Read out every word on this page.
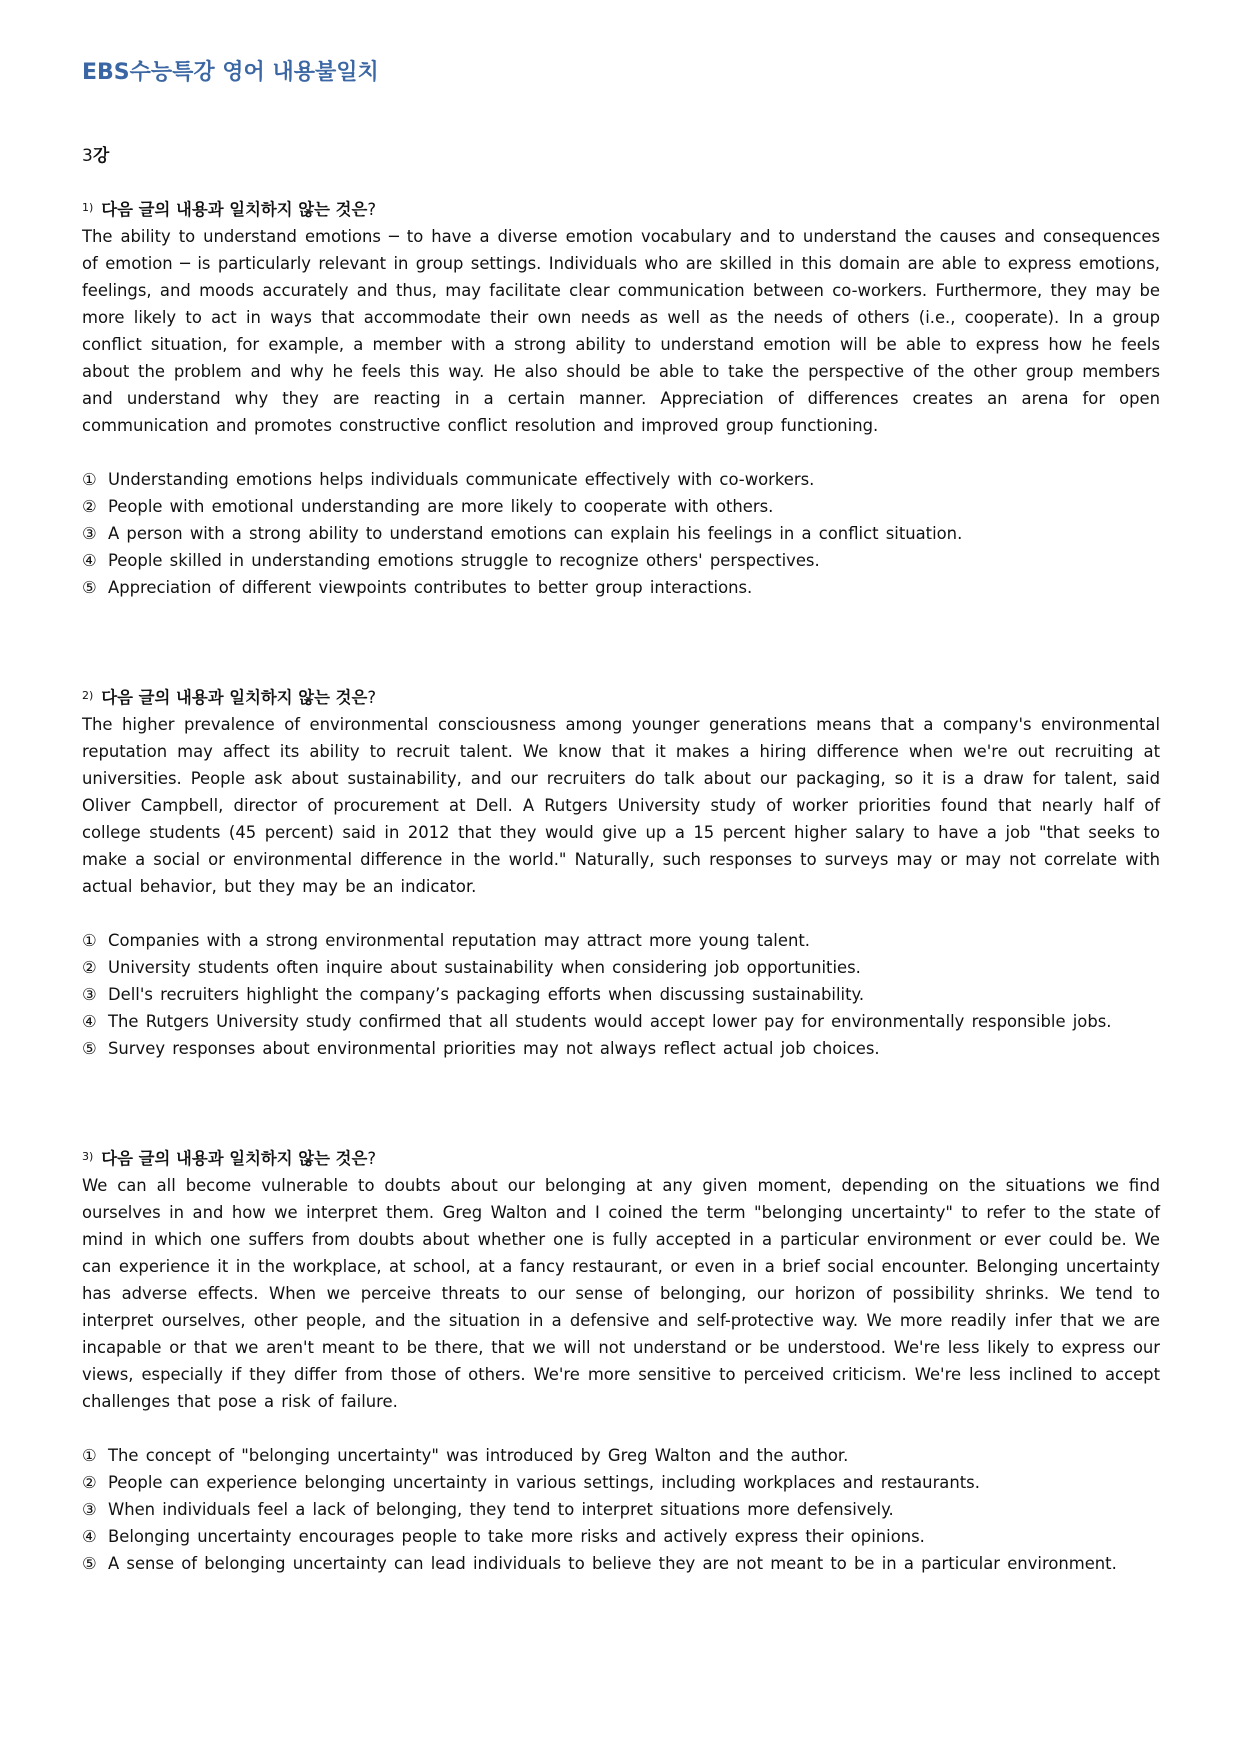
EBS수능특강 영어 내용불일치
3강
$^{1)}$ 다음 글의 내용과 일치하지 않는 것은?

The ability to understand emotions ─ to have a diverse emotion vocabulary and to understand the causes and consequences of emotion ─ is particularly relevant in group settings. Individuals who are skilled in this domain are able to express emotions, feelings, and moods accurately and thus, may facilitate clear communication between co-workers. Furthermore, they may be more likely to act in ways that accommodate their own needs as well as the needs of others (i.e., cooperate). In a group conflict situation, for example, a member with a strong ability to understand emotion will be able to express how he feels about the problem and why he feels this way. He also should be able to take the perspective of the other group members and understand why they are reacting in a certain manner. Appreciation of differences creates an arena for open communication and promotes constructive conflict resolution and improved group functioning.

① Understanding emotions helps individuals communicate effectively with co-workers.
② People with emotional understanding are more likely to cooperate with others.
③ A person with a strong ability to understand emotions can explain his feelings in a conflict situation.
④ People skilled in understanding emotions struggle to recognize others' perspectives.
⑤ Appreciation of different viewpoints contributes to better group interactions.
$^{2)}$ 다음 글의 내용과 일치하지 않는 것은?

The higher prevalence of environmental consciousness among younger generations means that a company's environmental reputation may affect its ability to recruit talent. We know that it makes a hiring difference when we're out recruiting at universities. People ask about sustainability, and our recruiters do talk about our packaging, so it is a draw for talent, said Oliver Campbell, director of procurement at Dell. A Rutgers University study of worker priorities found that nearly half of college students (45 percent) said in 2012 that they would give up a 15 percent higher salary to have a job "that seeks to make a social or environmental difference in the world." Naturally, such responses to surveys may or may not correlate with actual behavior, but they may be an indicator.

① Companies with a strong environmental reputation may attract more young talent.
② University students often inquire about sustainability when considering job opportunities.
③ Dell's recruiters highlight the company’s packaging efforts when discussing sustainability.
④ The Rutgers University study confirmed that all students would accept lower pay for environmentally responsible jobs.
⑤ Survey responses about environmental priorities may not always reflect actual job choices.
$^{3)}$ 다음 글의 내용과 일치하지 않는 것은?

We can all become vulnerable to doubts about our belonging at any given moment, depending on the situations we find ourselves in and how we interpret them. Greg Walton and I coined the term "belonging uncertainty" to refer to the state of mind in which one suffers from doubts about whether one is fully accepted in a particular environment or ever could be. We can experience it in the workplace, at school, at a fancy restaurant, or even in a brief social encounter. Belonging uncertainty has adverse effects. When we perceive threats to our sense of belonging, our horizon of possibility shrinks. We tend to interpret ourselves, other people, and the situation in a defensive and self-protective way. We more readily infer that we are incapable or that we aren't meant to be there, that we will not understand or be understood. We're less likely to express our views, especially if they differ from those of others. We're more sensitive to perceived criticism. We're less inclined to accept challenges that pose a risk of failure.

① The concept of "belonging uncertainty" was introduced by Greg Walton and the author.
② People can experience belonging uncertainty in various settings, including workplaces and restaurants.
③ When individuals feel a lack of belonging, they tend to interpret situations more defensively.
④ Belonging uncertainty encourages people to take more risks and actively express their opinions.
⑤ A sense of belonging uncertainty can lead individuals to believe they are not meant to be in a particular environment.
